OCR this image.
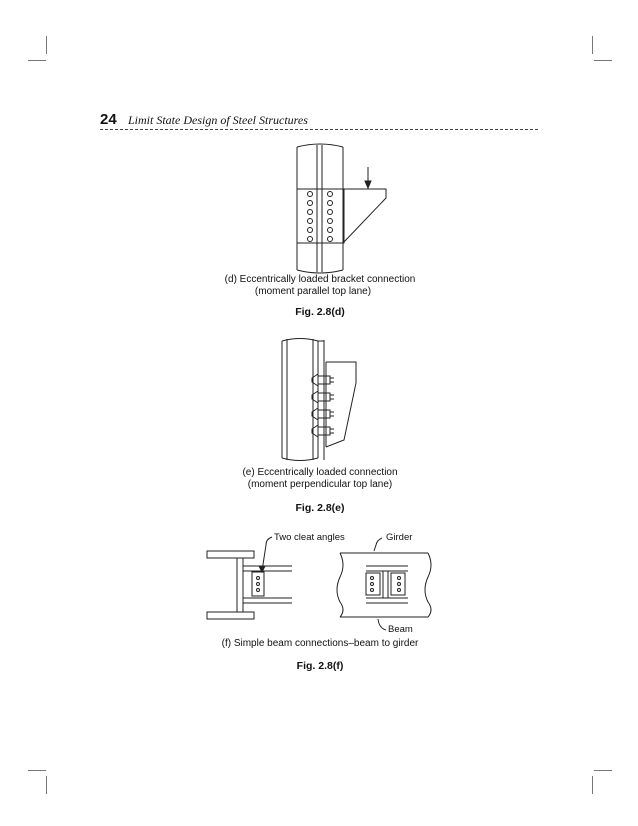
24 Limit State Design of Steel Structures
(d) Eccentrically loaded bracket connection
(moment parallel top lane)
Fig. 2.8(d)
(e) Eccentrically loaded connection
(moment perpendicular top lane)
Fig. 2.8(e)
Two cleat angles	Girder
Beam
(f) Simple beam connections–beam to girder
Fig. 2.8(f)
